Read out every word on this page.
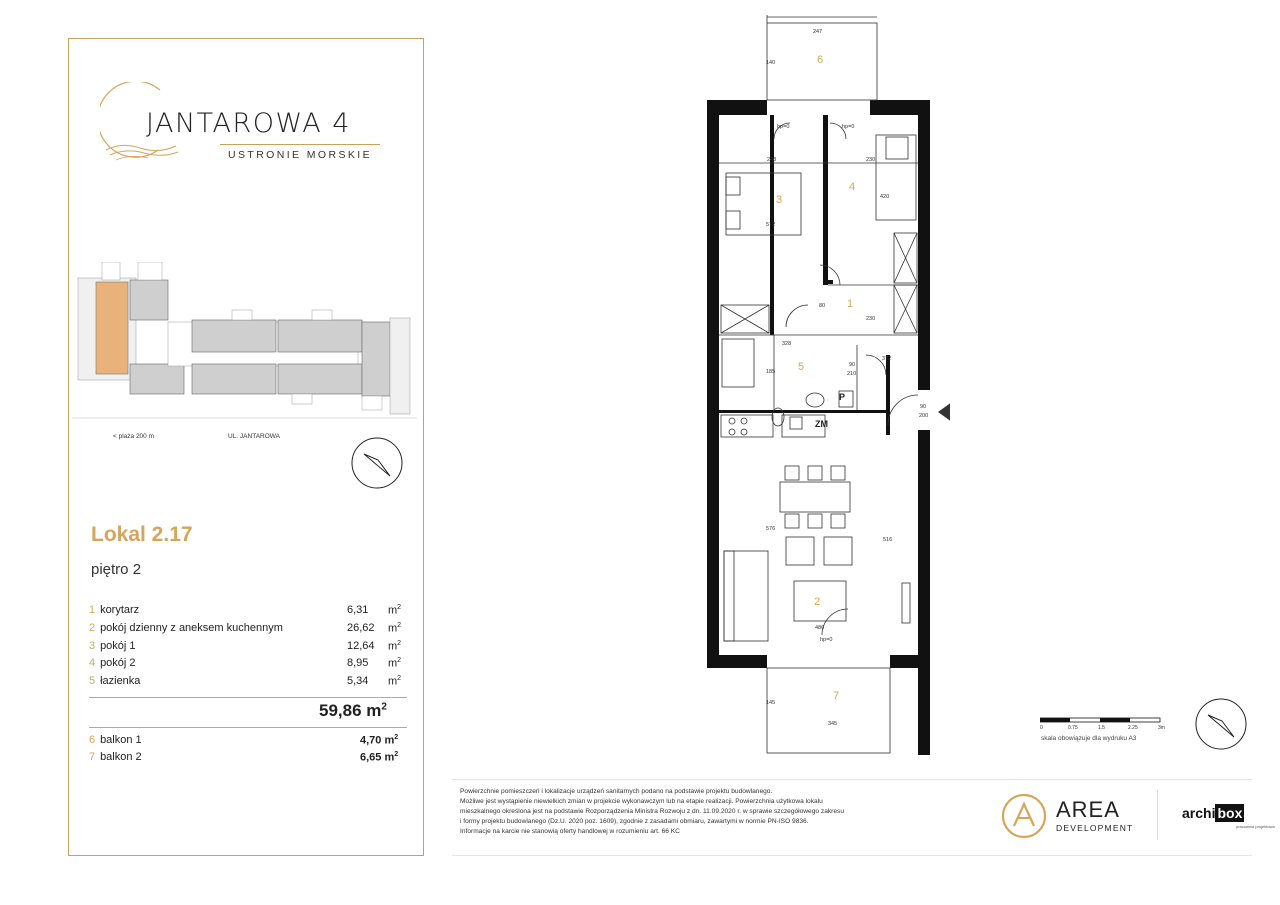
JANTAROWA 4
USTRONIE MORSKIE
< plaża 200 m	UL. JANTAROWA
Lokal 2.17
piętro 2
1 korytarz	6,31 $m^2$
2 pokój dzienny z aneksem kuchennym	26,62 $m^2$
3 pokój 1	12,64 $m^2$
4 pokój 2	8,95 $m^2$
5 łazienka	5,34 $m^2$
59,86 $m^2$
6 balkon 1	4,70 $m^2$
7 balkon 2	6,65 $m^2$
1
2
3
4
5
6
7
ZM
P
247
248	230
230
328
486
345
572
420
576
516
372
185
90
210
80
90
200
140
145
hp=0	hp=0
hp=0
0	0.75	1.5	2.25	3m
skala obowiązuje dla wydruku A3
Powierzchnie pomieszczeń i lokalizacje urządzeń sanitarnych podano na podstawie projektu budowlanego.
Możliwe jest wystąpienie niewielkich zmian w projekcie wykonawczym lub na etapie realizacji. Powierzchnia użytkowa lokalu
mieszkalnego określona jest na podstawie Rozporządzenia Ministra Rozwoju z dn. 11.09.2020 r. w sprawie szczegółowego zakresu
i formy projektu budowlanego (Dz.U. 2020 poz. 1609), zgodnie z zasadami obmiaru, zawartymi w normie PN-ISO 9836.
Informacje na karcie nie stanowią oferty handlowej w rozumieniu art. 66 KC
AREA
DEVELOPMENT
archi box
pracownia projektowa
